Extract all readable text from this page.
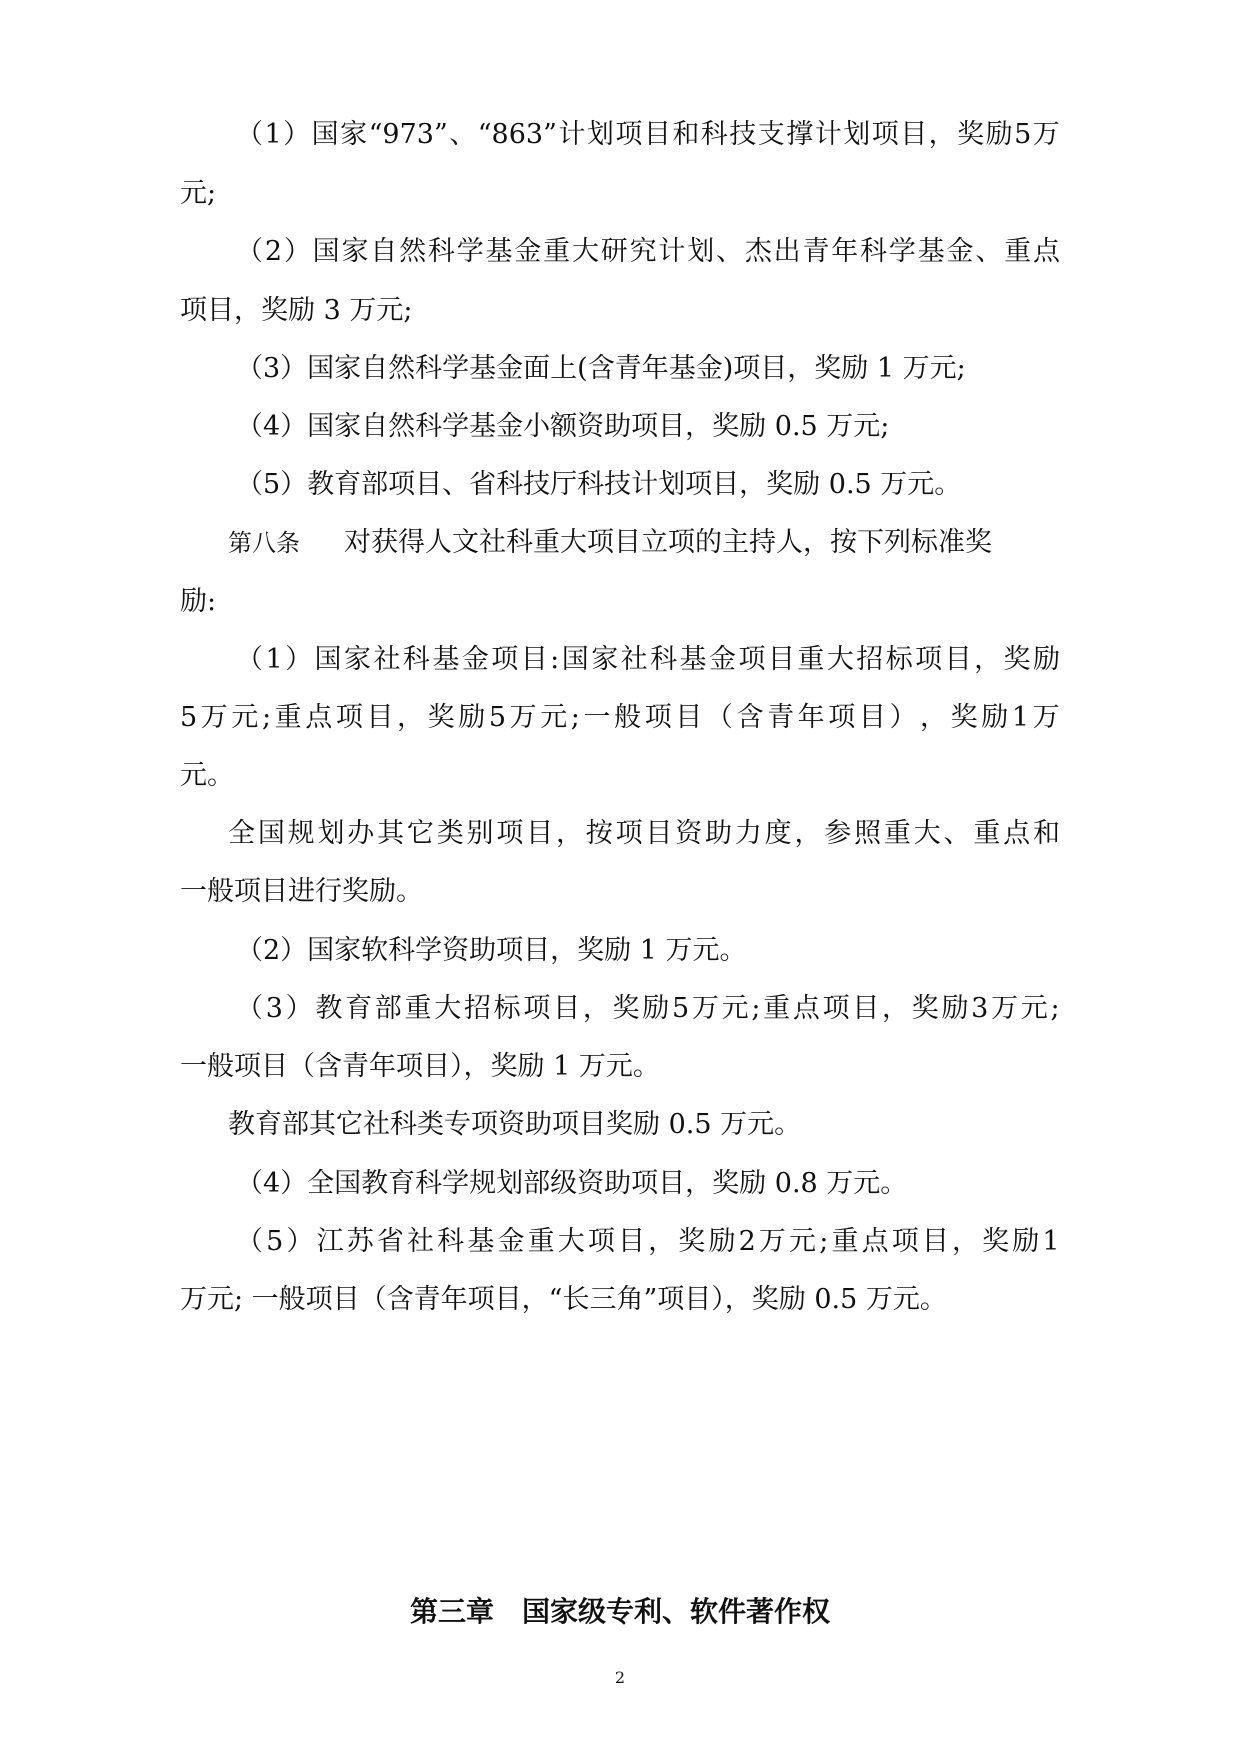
（ 1 ） 国 家 “973” 、 “863” 计 划 项 目 和 科 技 支 撑 计 划 项 目 ， 奖 励 5 万
元;
（ 2 ） 国 家 自 然 科 学 基 金 重 大 研 究 计 划 、 杰 出 青 年 科 学 基 金 、 重 点
项目，奖励 3 万元;
（3）国家自然科学基金面上(含青年基金)项目，奖励 1 万元;
（4）国家自然科学基金小额资助项目，奖励 0.5 万元;
（5）教育部项目、省科技厅科技计划项目，奖励 0.5 万元。
第八条 对获得人文社科重大项目立项的主持人，按下列标准奖
励:
（ 1 ） 国 家 社 科 基 金 项 目 : 国 家 社 科 基 金 项 目 重 大 招 标 项 目 ， 奖 励
5 万 元 ; 重 点 项 目 ， 奖 励 5 万 元 ; 一 般 项 目 （ 含 青 年 项 目 ） ， 奖 励 1 万
元。
全 国 规 划 办 其 它 类 别 项 目 ， 按 项 目 资 助 力 度 ， 参 照 重 大 、 重 点 和
一般项目进行奖励。
（2）国家软科学资助项目，奖励 1 万元。
（ 3 ） 教 育 部 重 大 招 标 项 目 ， 奖 励 5 万 元 ; 重 点 项 目 ， 奖 励 3 万 元 ;
一般项目（含青年项目），奖励 1 万元。
教育部其它社科类专项资助项目奖励 0.5 万元。
（4）全国教育科学规划部级资助项目，奖励 0.8 万元。
（ 5 ） 江 苏 省 社 科 基 金 重 大 项 目 ， 奖 励 2 万 元 ; 重 点 项 目 ， 奖 励 1
万元; 一般项目（含青年项目，“长三角”项目），奖励 0.5 万元。
第三章　国家级专利、软件著作权
2
